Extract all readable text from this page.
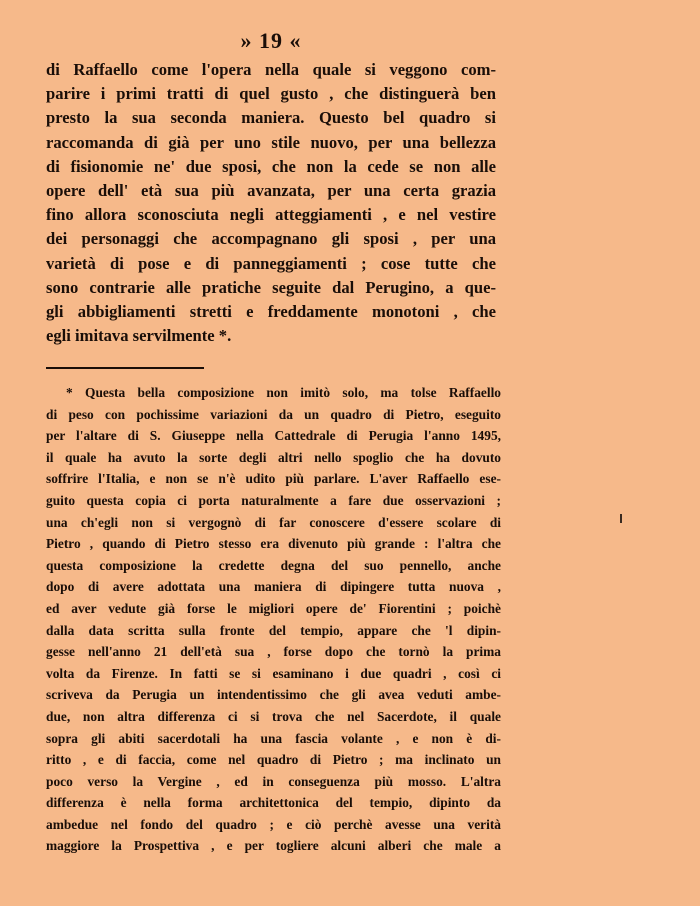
» 19 «
di Raffaello come l'opera nella quale si veggono com-
parire i primi tratti di quel gusto , che distinguerà ben
presto la sua seconda maniera. Questo bel quadro si
raccomanda di già per uno stile nuovo, per una bellezza
di fisionomie ne' due sposi, che non la cede se non alle
opere dell' età sua più avanzata, per una certa grazia
fino allora sconosciuta negli atteggiamenti , e nel vestire
dei personaggi che accompagnano gli sposi , per una
varietà di pose e di panneggiamenti ; cose tutte che
sono contrarie alle pratiche seguite dal Perugino, a que-
gli abbigliamenti stretti e freddamente monotoni , che
egli imitava servilmente *.
* Questa bella composizione non imitò solo, ma tolse Raffaello
di peso con pochissime variazioni da un quadro di Pietro, eseguito
per l'altare di S. Giuseppe nella Cattedrale di Perugia l'anno 1495,
il quale ha avuto la sorte degli altri nello spoglio che ha dovuto
soffrire l'Italia, e non se n'è udito più parlare. L'aver Raffaello ese-
guito questa copia ci porta naturalmente a fare due osservazioni ;
una ch'egli non si vergognò di far conoscere d'essere scolare di
Pietro , quando di Pietro stesso era divenuto più grande : l'altra che
questa composizione la credette degna del suo pennello, anche
dopo di avere adottata una maniera di dipingere tutta nuova ,
ed aver vedute già forse le migliori opere de' Fiorentini ; poichè
dalla data scritta sulla fronte del tempio, appare che 'l dipin-
gesse nell'anno 21 dell'età sua , forse dopo che tornò la prima
volta da Firenze. In fatti se si esaminano i due quadri , così ci
scriveva da Perugia un intendentissimo che gli avea veduti ambe-
due, non altra differenza ci si trova che nel Sacerdote, il quale
sopra gli abiti sacerdotali ha una fascia volante , e non è di-
ritto , e di faccia, come nel quadro di Pietro ; ma inclinato un
poco verso la Vergine , ed in conseguenza più mosso. L'altra
differenza è nella forma architettonica del tempio, dipinto da
ambedue nel fondo del quadro ; e ciò perchè avesse una verità
maggiore la Prospettiva , e per togliere alcuni alberi che male a
